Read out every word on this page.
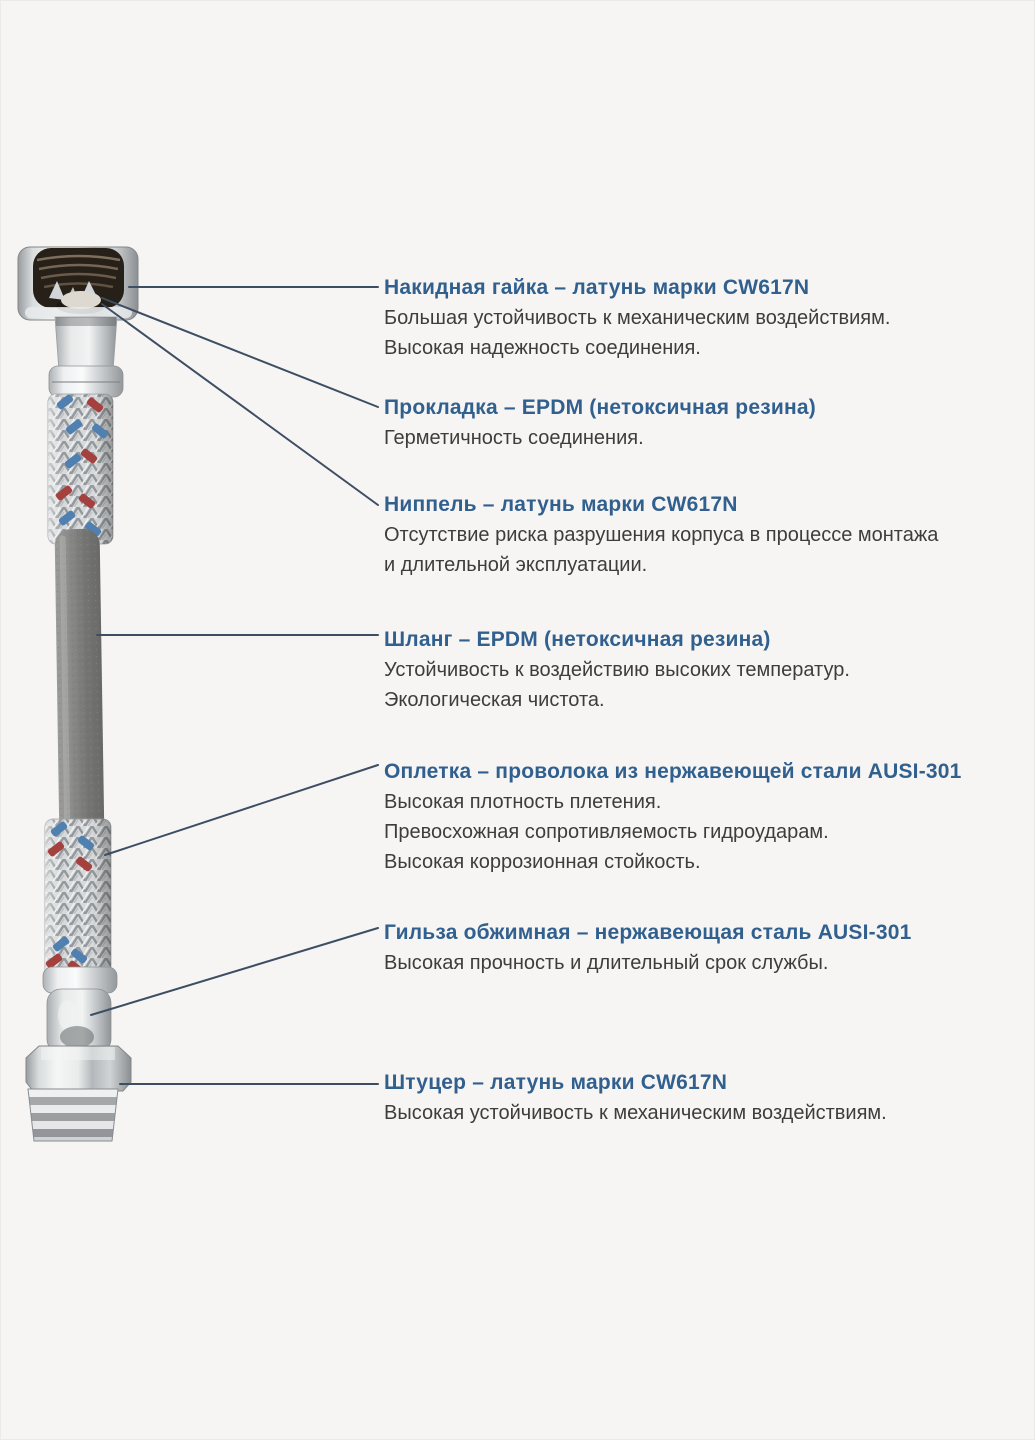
Накидная гайка – латунь марки CW617N

Большая устойчивость к механическим воздействиям.

Высокая надежность соединения.

Прокладка – EPDM (нетоксичная резина)

Герметичность соединения.

Ниппель – латунь марки CW617N

Отсутствие риска разрушения корпуса в процессе монтажа

и длительной эксплуатации.

Шланг – EPDM (нетоксичная резина)

Устойчивость к воздействию высоких температур.

Экологическая чистота.

Оплетка – проволока из нержавеющей стали AUSI-301

Высокая плотность плетения.

Превосхожная сопротивляемость гидроударам.

Высокая коррозионная стойкость.

Гильза обжимная – нержавеющая сталь AUSI-301

Высокая прочность и длительный срок службы.

Штуцер – латунь марки CW617N

Высокая устойчивость к механическим воздействиям.
